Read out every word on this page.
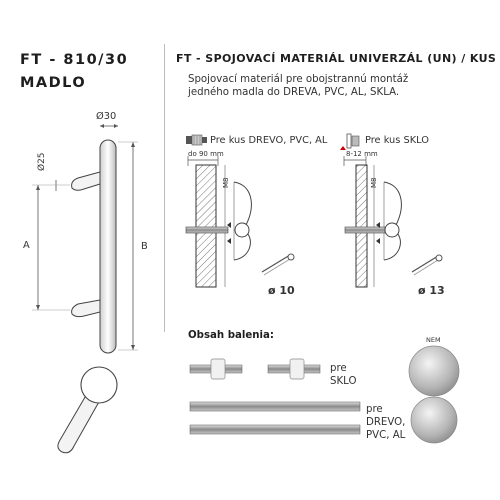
FT - 810/30
MADLO
Ø30
Ø25
A	B
FT - SPOJOVACÍ MATERIÁL UNIVERZÁL (UN) / KUS
Spojovací materiál pre obojstrannú montáž
jedného madla do DREVA, PVC, AL, SKLA.
Pre kus DREVO, PVC, AL
do 90 mm
M8
ø 10
Pre kus SKLO
8-12 mm
M8
ø 13
Obsah balenia:
pre
SKLO
pre
DREVO,
PVC, AL
NEM
